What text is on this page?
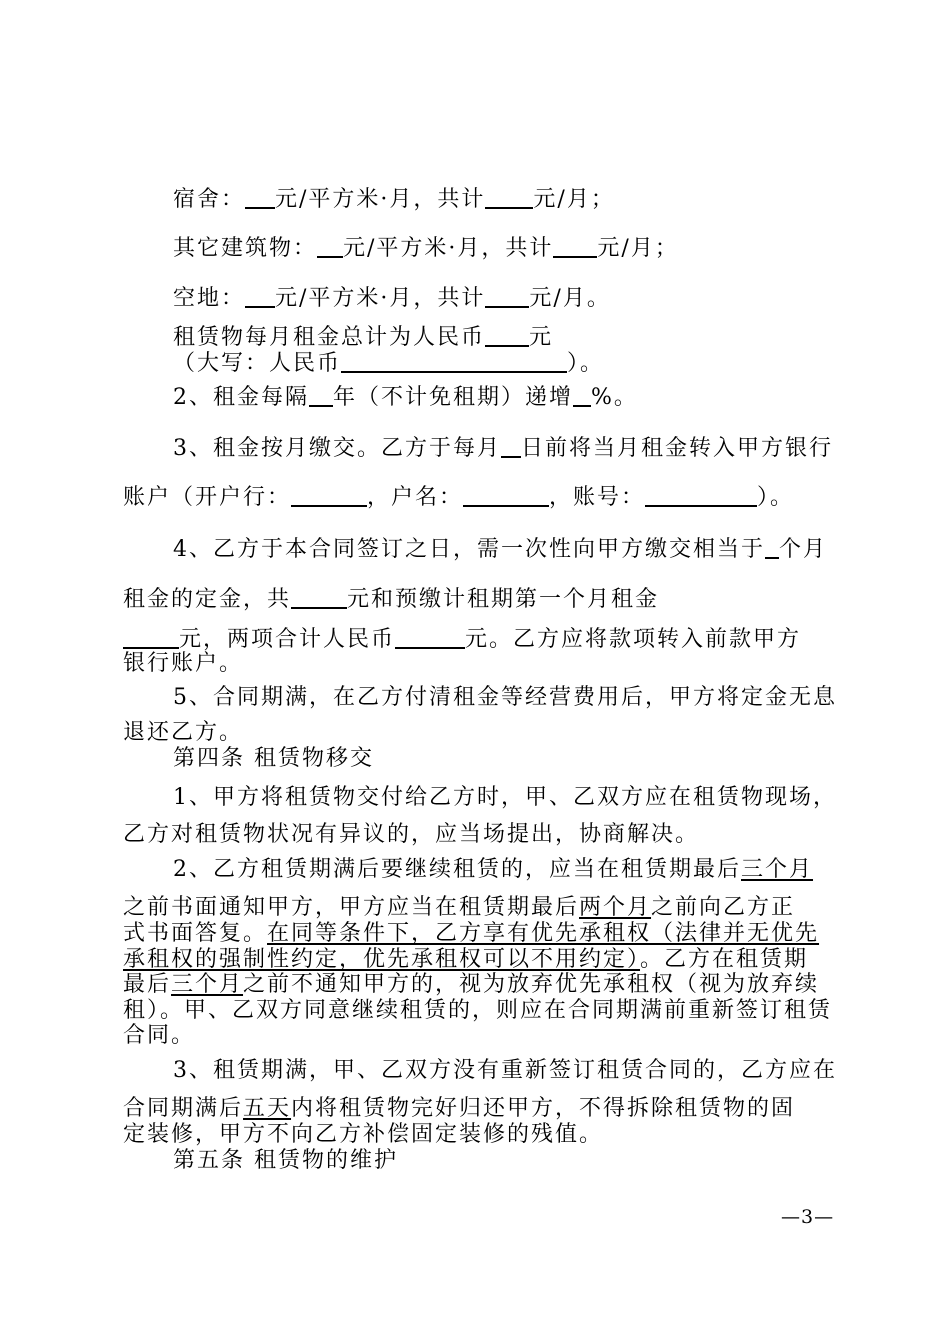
宿舍： 元/平方米·月，共计 元/月；
其它建筑物： 元/平方米·月，共计 元/月；
空地： 元/平方米·月，共计 元/月。
租赁物每月租金总计为人民币 元
（大写：人民币	）。
2、租金每隔 年（不计免租期）递增 %。
3、租金按月缴交。乙方于每月 日前将当月租金转入甲方银行
账户（开户行：	，户名：	，账号：	）。
4、乙方于本合同签订之日，需一次性向甲方缴交相当于 个月
租金的定金，共	元和预缴计租期第一个月租金
元，两项合计人民币	元。乙方应将款项转入前款甲方
银行账户。
5、合同期满，在乙方付清租金等经营费用后，甲方将定金无息
退还乙方。
第四条 租赁物移交
1、甲方将租赁物交付给乙方时，甲、乙双方应在租赁物现场，
乙方对租赁物状况有异议的，应当场提出，协商解决。
2、乙方租赁期满后要继续租赁的，应当在租赁期最后三个月
之前书面通知甲方，甲方应当在租赁期最后两个月之前向乙方正
式书面答复。在同等条件下，乙方享有优先承租权（法律并无优先
承租权的强制性约定，优先承租权可以不用约定）。乙方在租赁期
最后三个月之前不通知甲方的，视为放弃优先承租权（视为放弃续
租）。甲、乙双方同意继续租赁的，则应在合同期满前重新签订租赁
合同。
3、租赁期满，甲、乙双方没有重新签订租赁合同的，乙方应在
合同期满后五天内将租赁物完好归还甲方，不得拆除租赁物的固
定装修，甲方不向乙方补偿固定装修的残值。
第五条 租赁物的维护
—3—
